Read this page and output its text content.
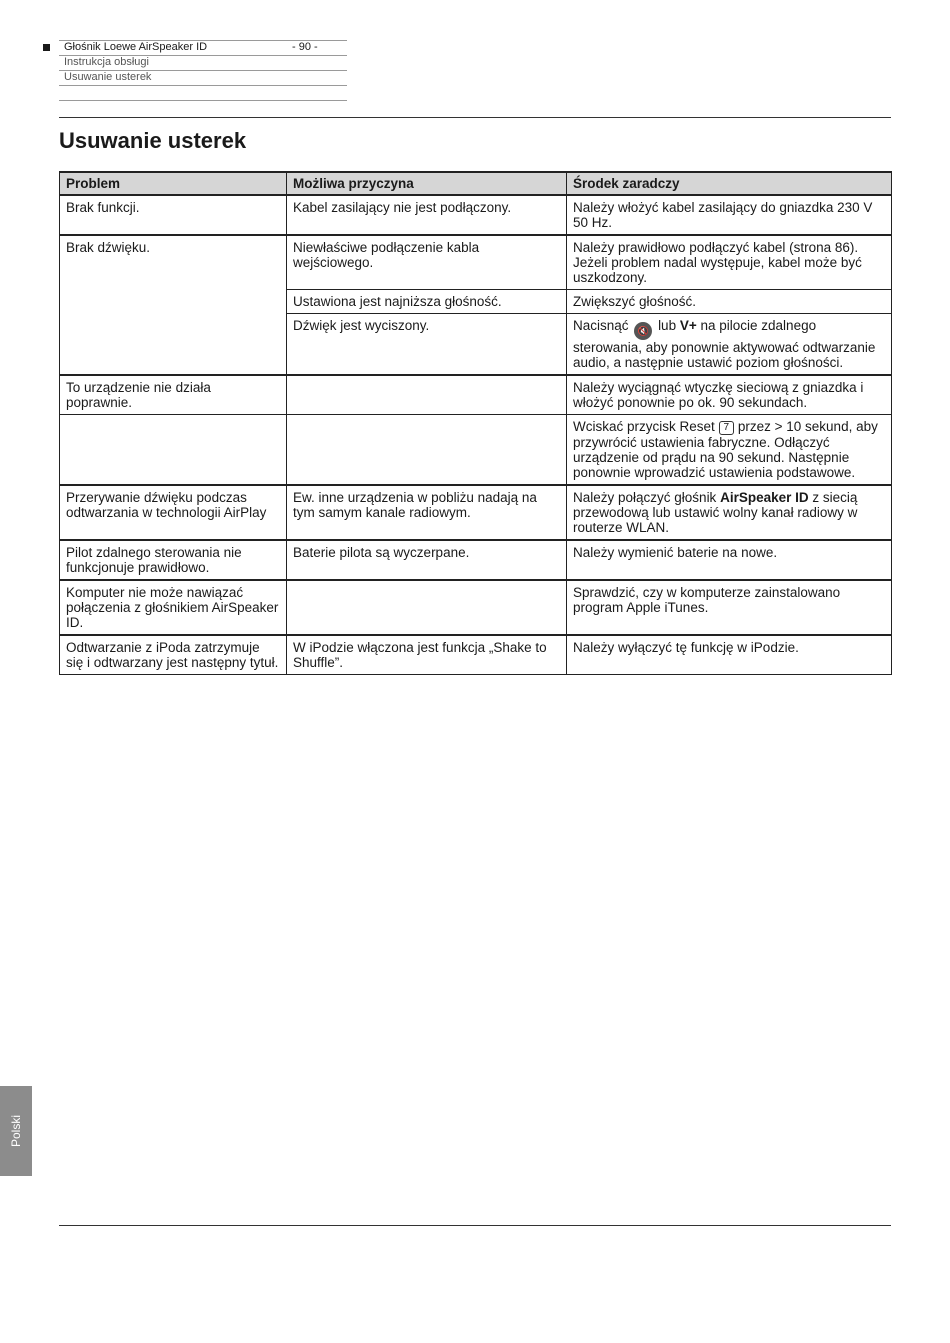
Głośnik Loewe AirSpeaker ID	- 90 -
Instrukcja obsługi
Usuwanie usterek
Usuwanie usterek
Problem	Możliwa przyczyna	Środek zaradczy
Brak funkcji.	Kabel zasilający nie jest podłączony.	Należy włożyć kabel zasilający do gniazdka 230 V 50 Hz.
Brak dźwięku.	Niewłaściwe podłączenie kabla wejściowego.	Należy prawidłowo podłączyć kabel (strona 86). Jeżeli problem nadal występuje, kabel może być uszkodzony.
	Ustawiona jest najniższa głośność.	Zwiększyć głośność.
	Dźwięk jest wyciszony.	Nacisnąć 🔇 lub V+ na pilocie zdalnego sterowania, aby ponownie aktywować odtwarzanie audio, a następnie ustawić poziom głośności.
To urządzenie nie działa poprawnie.		Należy wyciągnąć wtyczkę sieciową z gniazdka i włożyć ponownie po ok. 90 sekundach.
		Wciskać przycisk Reset 7 przez > 10 sekund, aby przywrócić ustawienia fabryczne. Odłączyć urządzenie od prądu na 90 sekund. Następnie ponownie wprowadzić ustawienia podstawowe.
Przerywanie dźwięku podczas odtwarzania w technologii AirPlay	Ew. inne urządzenia w pobliżu nadają na tym samym kanale radiowym.	Należy połączyć głośnik AirSpeaker ID z siecią przewodową lub ustawić wolny kanał radiowy w routerze WLAN.
Pilot zdalnego sterowania nie funkcjonuje prawidłowo.	Baterie pilota są wyczerpane.	Należy wymienić baterie na nowe.
Komputer nie może nawiązać połączenia z głośnikiem AirSpeaker ID.		Sprawdzić, czy w komputerze zainstalowano program Apple iTunes.
Odtwarzanie z iPoda zatrzymuje się i odtwarzany jest następny tytuł.	W iPodzie włączona jest funkcja „Shake to Shuffle”.	Należy wyłączyć tę funkcję w iPodzie.
Polski
